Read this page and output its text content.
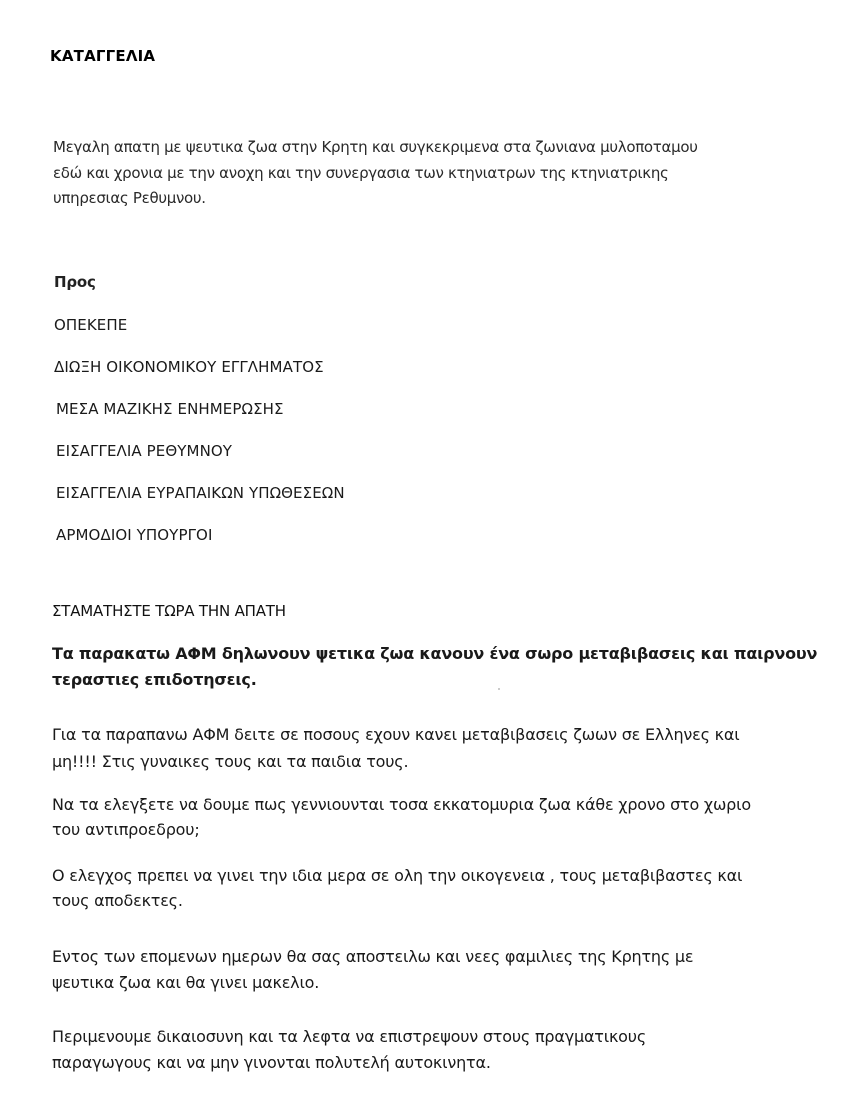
ΚΑΤΑΓΓΕΛΙΑ
Μεγαλη απατη με ψευτικα ζωα στην Κρητη και συγκεκριμενα στα ζωνιανα μυλοποταμου
εδώ και χρονια με την ανοχη και την συνεργασια των κτηνιατρων της κτηνιατρικης
υπηρεσιας Ρεθυμνου.
Προς
ΟΠΕΚΕΠΕ
ΔΙΩΞΗ ΟΙΚΟΝΟΜΙΚΟΥ ΕΓΓΛΗΜΑΤΟΣ
ΜΕΣΑ ΜΑΖΙΚΗΣ ΕΝΗΜΕΡΩΣΗΣ
ΕΙΣΑΓΓΕΛΙΑ ΡΕΘΥΜΝΟΥ
ΕΙΣΑΓΓΕΛΙΑ ΕΥΡΑΠΑΙΚΩΝ ΥΠΩΘΕΣΕΩΝ
ΑΡΜΟΔΙΟΙ ΥΠΟΥΡΓΟΙ
ΣΤΑΜΑΤΗΣΤΕ ΤΩΡΑ ΤΗΝ ΑΠΑΤΗ
Τα παρακατω ΑΦΜ δηλωνουν ψετικα ζωα κανουν ένα σωρο μεταβιβασεις και παιρνουν
τεραστιες επιδοτησεις.
Για τα παραπανω ΑΦΜ δειτε σε ποσους εχουν κανει μεταβιβασεις ζωων σε Ελληνες και
μη!!!! Στις γυναικες τους και τα παιδια τους.
Να τα ελεγξετε να δουμε πως γεννιουνται τοσα εκκατομυρια ζωα κάθε χρονο στο χωριο
του αντιπροεδρου;
Ο ελεγχος πρεπει να γινει την ιδια μερα σε ολη την οικογενεια , τους μεταβιβαστες και
τους αποδεκτες.
Εντος των επομενων ημερων θα σας αποστειλω και νεες φαμιλιες της Κρητης με
ψευτικα ζωα και θα γινει μακελιο.
Περιμενουμε δικαιοσυνη και τα λεφτα να επιστρεψουν στους πραγματικους
παραγωγους και να μην γινονται πολυτελή αυτοκινητα.
